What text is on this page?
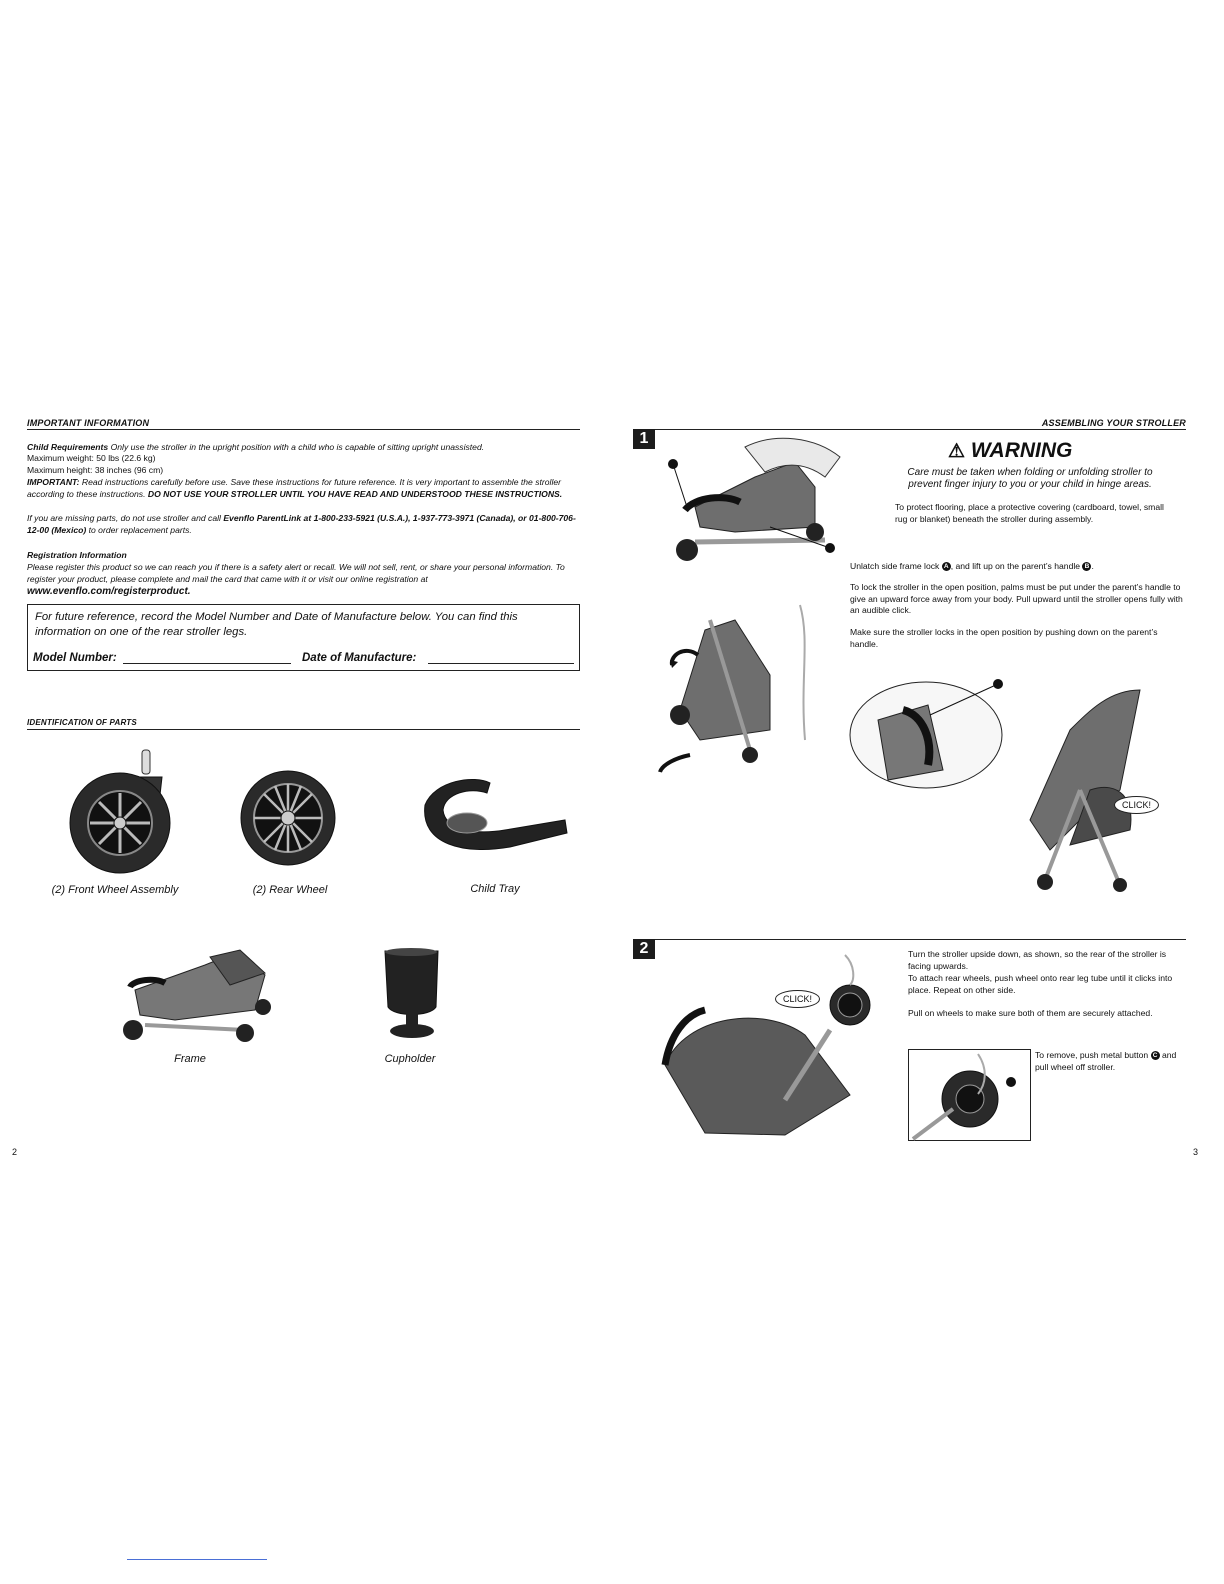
IMPORTANT INFORMATION
Child Requirements Only use the stroller in the upright position with a child who is capable of sitting upright unassisted.
Maximum weight: 50 lbs (22.6 kg)
Maximum height: 38 inches (96 cm)
IMPORTANT: Read instructions carefully before use. Save these instructions for future reference. It is very important to assemble the stroller according to these instructions. DO NOT USE YOUR STROLLER UNTIL YOU HAVE READ AND UNDERSTOOD THESE INSTRUCTIONS.
If you are missing parts, do not use stroller and call Evenflo ParentLink at 1-800-233-5921 (U.S.A.), 1-937-773-3971 (Canada), or 01-800-706-12-00 (Mexico) to order replacement parts.
Registration Information
Please register this product so we can reach you if there is a safety alert or recall. We will not sell, rent, or share your personal information. To register your product, please complete and mail the card that came with it or visit our online registration at
www.evenflo.com/registerproduct.
For future reference, record the Model Number and Date of Manufacture below. You can find this information on one of the rear stroller legs.
Model Number:	Date of Manufacture:
IDENTIFICATION OF PARTS
(2) Front Wheel Assembly	(2) Rear Wheel	Child Tray
Frame	Cupholder
2
ASSEMBLING YOUR STROLLER
1
⚠ WARNING
Care must be taken when folding or unfolding stroller to prevent finger injury to you or your child in hinge areas.
To protect flooring, place a protective covering (cardboard, towel, small rug or blanket) beneath the stroller during assembly.
Unlatch side frame lock A , and lift up on the parent’s handle B .
To lock the stroller in the open position, palms must be put under the parent’s handle to give an upward force away from your body. Pull upward until the stroller opens fully with an audible click.
Make sure the stroller locks in the open position by pushing down on the parent’s handle.
CLICK!
2
CLICK!
Turn the stroller upside down, as shown, so the rear of the stroller is facing upwards.
To attach rear wheels, push wheel onto rear leg tube until it clicks into place. Repeat on other side.
Pull on wheels to make sure both of them are securely attached.
To remove, push metal button C and pull wheel off stroller.
3
